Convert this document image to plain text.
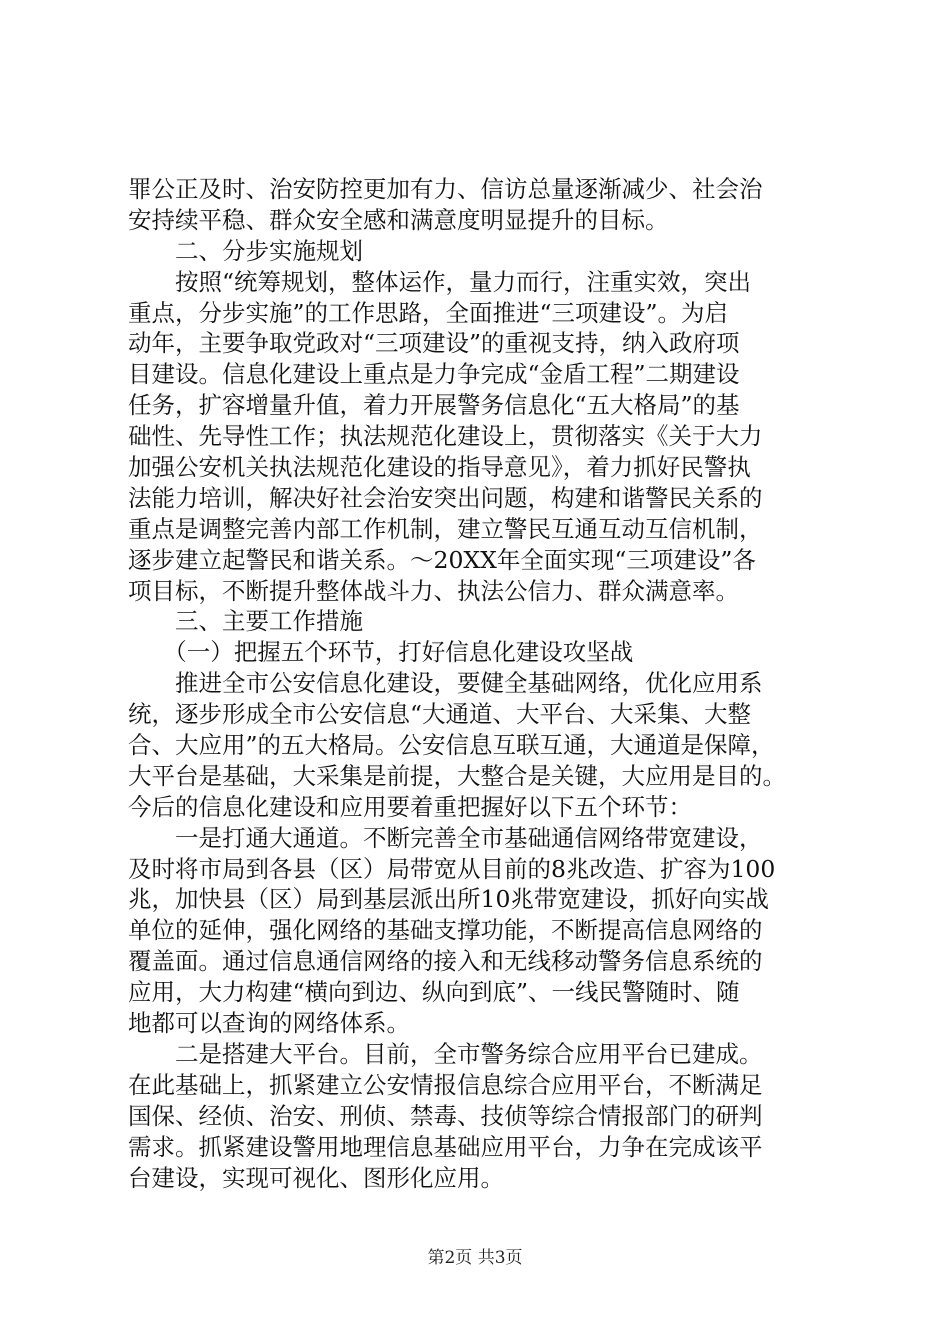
罪公正及时、治安防控更加有力、信访总量逐渐减少、社会治
安持续平稳、群众安全感和满意度明显提升的目标。
　　二、分步实施规划
　　按照“统筹规划，整体运作，量力而行，注重实效，突出
重点，分步实施”的工作思路，全面推进“三项建设”。为启
动年，主要争取党政对“三项建设”的重视支持，纳入政府项
目建设。信息化建设上重点是力争完成“金盾工程”二期建设
任务，扩容增量升值，着力开展警务信息化“五大格局”的基
础性、先导性工作；执法规范化建设上，贯彻落实《关于大力
加强公安机关执法规范化建设的指导意见》，着力抓好民警执
法能力培训，解决好社会治安突出问题，构建和谐警民关系的
重点是调整完善内部工作机制，建立警民互通互动互信机制，
逐步建立起警民和谐关系。～20XX年全面实现“三项建设”各
项目标，不断提升整体战斗力、执法公信力、群众满意率。
　　三、主要工作措施
　　（一）把握五个环节，打好信息化建设攻坚战
　　推进全市公安信息化建设，要健全基础网络，优化应用系
统，逐步形成全市公安信息“大通道、大平台、大采集、大整
合、大应用”的五大格局。公安信息互联互通，大通道是保障，
大平台是基础，大采集是前提，大整合是关键，大应用是目的。
今后的信息化建设和应用要着重把握好以下五个环节：
　　一是打通大通道。不断完善全市基础通信网络带宽建设，
及时将市局到各县（区）局带宽从目前的8兆改造、扩容为100
兆，加快县（区）局到基层派出所10兆带宽建设，抓好向实战
单位的延伸，强化网络的基础支撑功能，不断提高信息网络的
覆盖面。通过信息通信网络的接入和无线移动警务信息系统的
应用，大力构建“横向到边、纵向到底”、一线民警随时、随
地都可以查询的网络体系。
　　二是搭建大平台。目前，全市警务综合应用平台已建成。
在此基础上，抓紧建立公安情报信息综合应用平台，不断满足
国保、经侦、治安、刑侦、禁毒、技侦等综合情报部门的研判
需求。抓紧建设警用地理信息基础应用平台，力争在完成该平
台建设，实现可视化、图形化应用。
第2页 共3页
